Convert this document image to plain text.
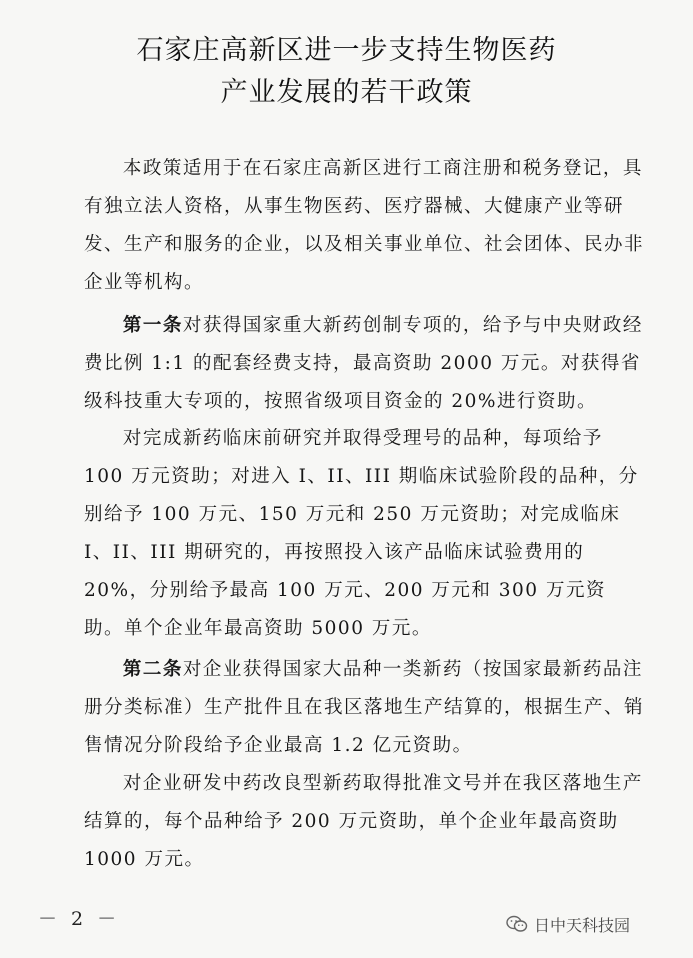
石家庄高新区进一步支持生物医药
产业发展的若干政策

本政策适用于在石家庄高新区进行工商注册和税务登记，具有独立法人资格，从事生物医药、医疗器械、大健康产业等研发、生产和服务的企业，以及相关事业单位、社会团体、民办非企业等机构。

第一条对获得国家重大新药创制专项的，给予与中央财政经费比例 1:1 的配套经费支持，最高资助 2000 万元。对获得省级科技重大专项的，按照省级项目资金的 20%进行资助。

对完成新药临床前研究并取得受理号的品种，每项给予 100 万元资助；对进入 I、II、III 期临床试验阶段的品种，分别给予 100 万元、150 万元和 250 万元资助；对完成临床 I、II、III 期研究的，再按照投入该产品临床试验费用的 20%，分别给予最高 100 万元、200 万元和 300 万元资助。单个企业年最高资助 5000 万元。

第二条对企业获得国家大品种一类新药（按国家最新药品注册分类标准）生产批件且在我区落地生产结算的，根据生产、销售情况分阶段给予企业最高 1.2 亿元资助。

对企业研发中药改良型新药取得批准文号并在我区落地生产结算的，每个品种给予 200 万元资助，单个企业年最高资助 1000 万元。

－ 2 －	日中天科技园
